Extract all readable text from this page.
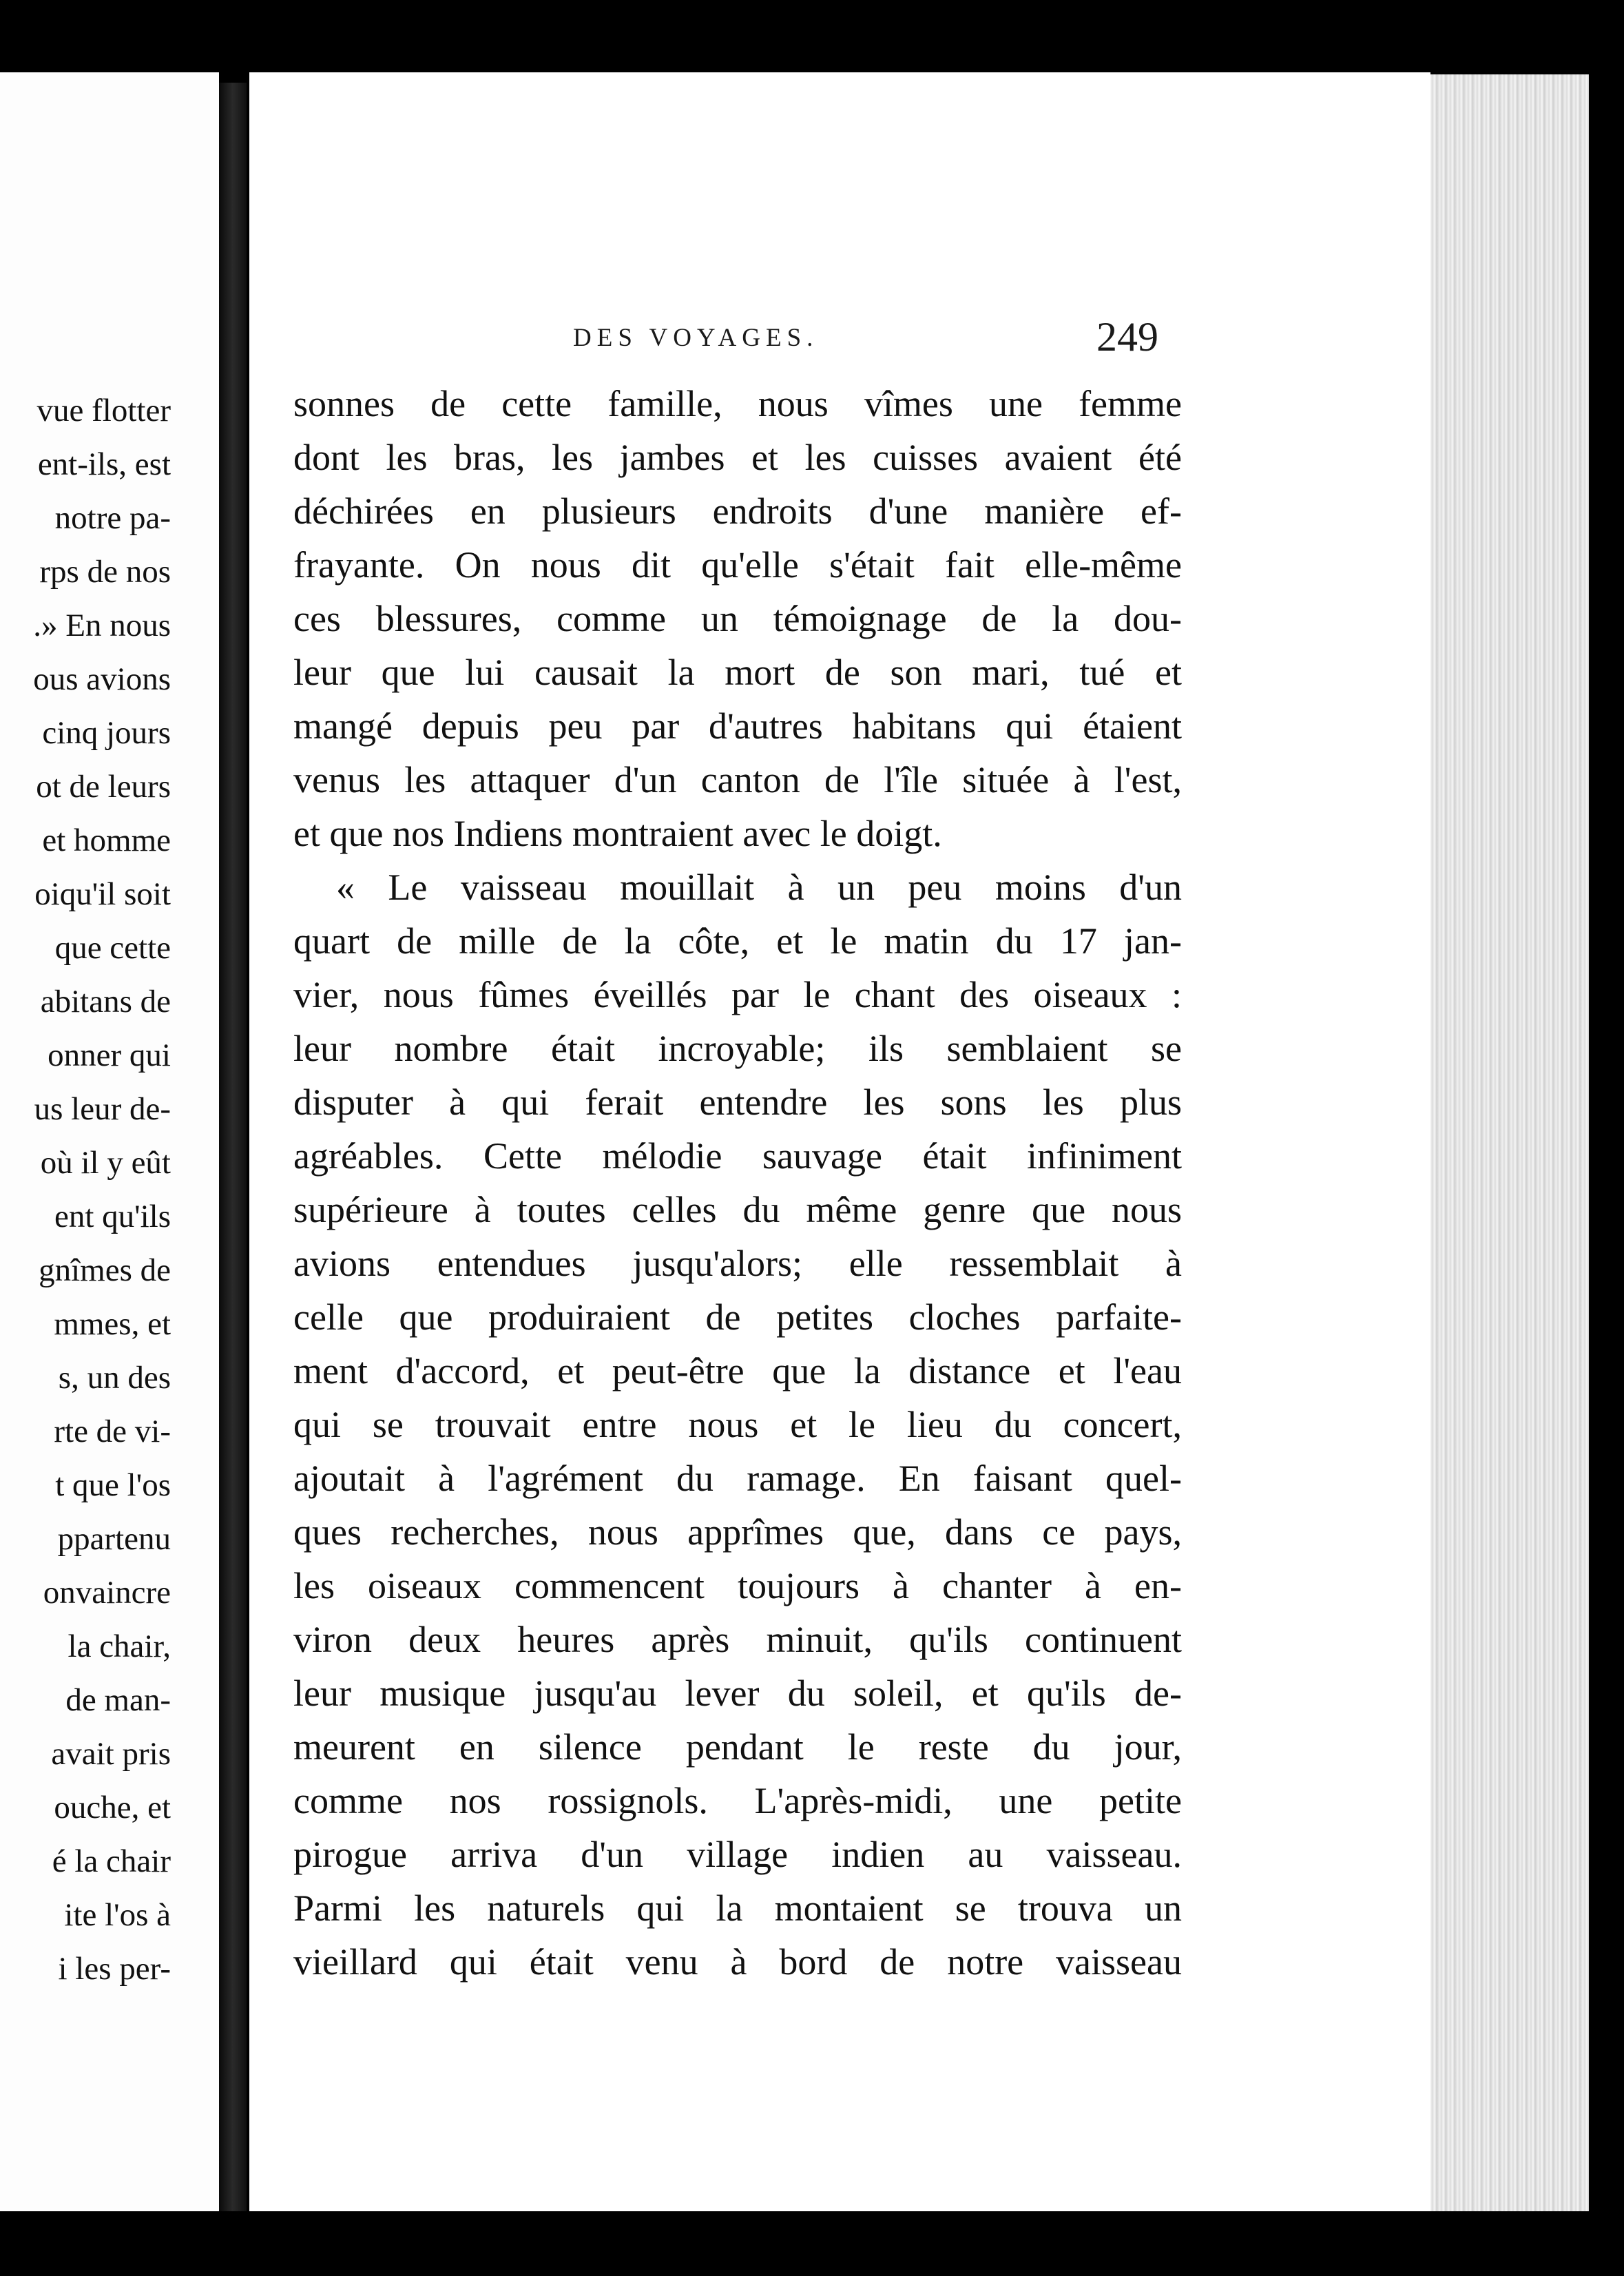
vue flotter
ent-ils, est
notre pa-
rps de nos
.» En nous
ous avions
cinq jours
ot de leurs
et homme
oiqu'il soit
que cette
abitans de
onner qui
us leur de-
où il y eût
ent qu'ils
gnîmes de
mmes, et
s, un des
rte de vi-
t que l'os
ppartenu
onvaincre
la chair,
de man-
avait pris
ouche, et
é la chair
ite l'os à
i les per-
DES VOYAGES.	249
sonnes de cette famille, nous vîmes une femme
dont les bras, les jambes et les cuisses avaient été
déchirées en plusieurs endroits d'une manière ef-
frayante. On nous dit qu'elle s'était fait elle-même
ces blessures, comme un témoignage de la dou-
leur que lui causait la mort de son mari, tué et
mangé depuis peu par d'autres habitans qui étaient
venus les attaquer d'un canton de l'île située à l'est,
et que nos Indiens montraient avec le doigt.
« Le vaisseau mouillait à un peu moins d'un
quart de mille de la côte, et le matin du 17 jan-
vier, nous fûmes éveillés par le chant des oiseaux :
leur nombre était incroyable; ils semblaient se
disputer à qui ferait entendre les sons les plus
agréables. Cette mélodie sauvage était infiniment
supérieure à toutes celles du même genre que nous
avions entendues jusqu'alors; elle ressemblait à
celle que produiraient de petites cloches parfaite-
ment d'accord, et peut-être que la distance et l'eau
qui se trouvait entre nous et le lieu du concert,
ajoutait à l'agrément du ramage. En faisant quel-
ques recherches, nous apprîmes que, dans ce pays,
les oiseaux commencent toujours à chanter à en-
viron deux heures après minuit, qu'ils continuent
leur musique jusqu'au lever du soleil, et qu'ils de-
meurent en silence pendant le reste du jour,
comme nos rossignols. L'après-midi, une petite
pirogue arriva d'un village indien au vaisseau.
Parmi les naturels qui la montaient se trouva un
vieillard qui était venu à bord de notre vaisseau
